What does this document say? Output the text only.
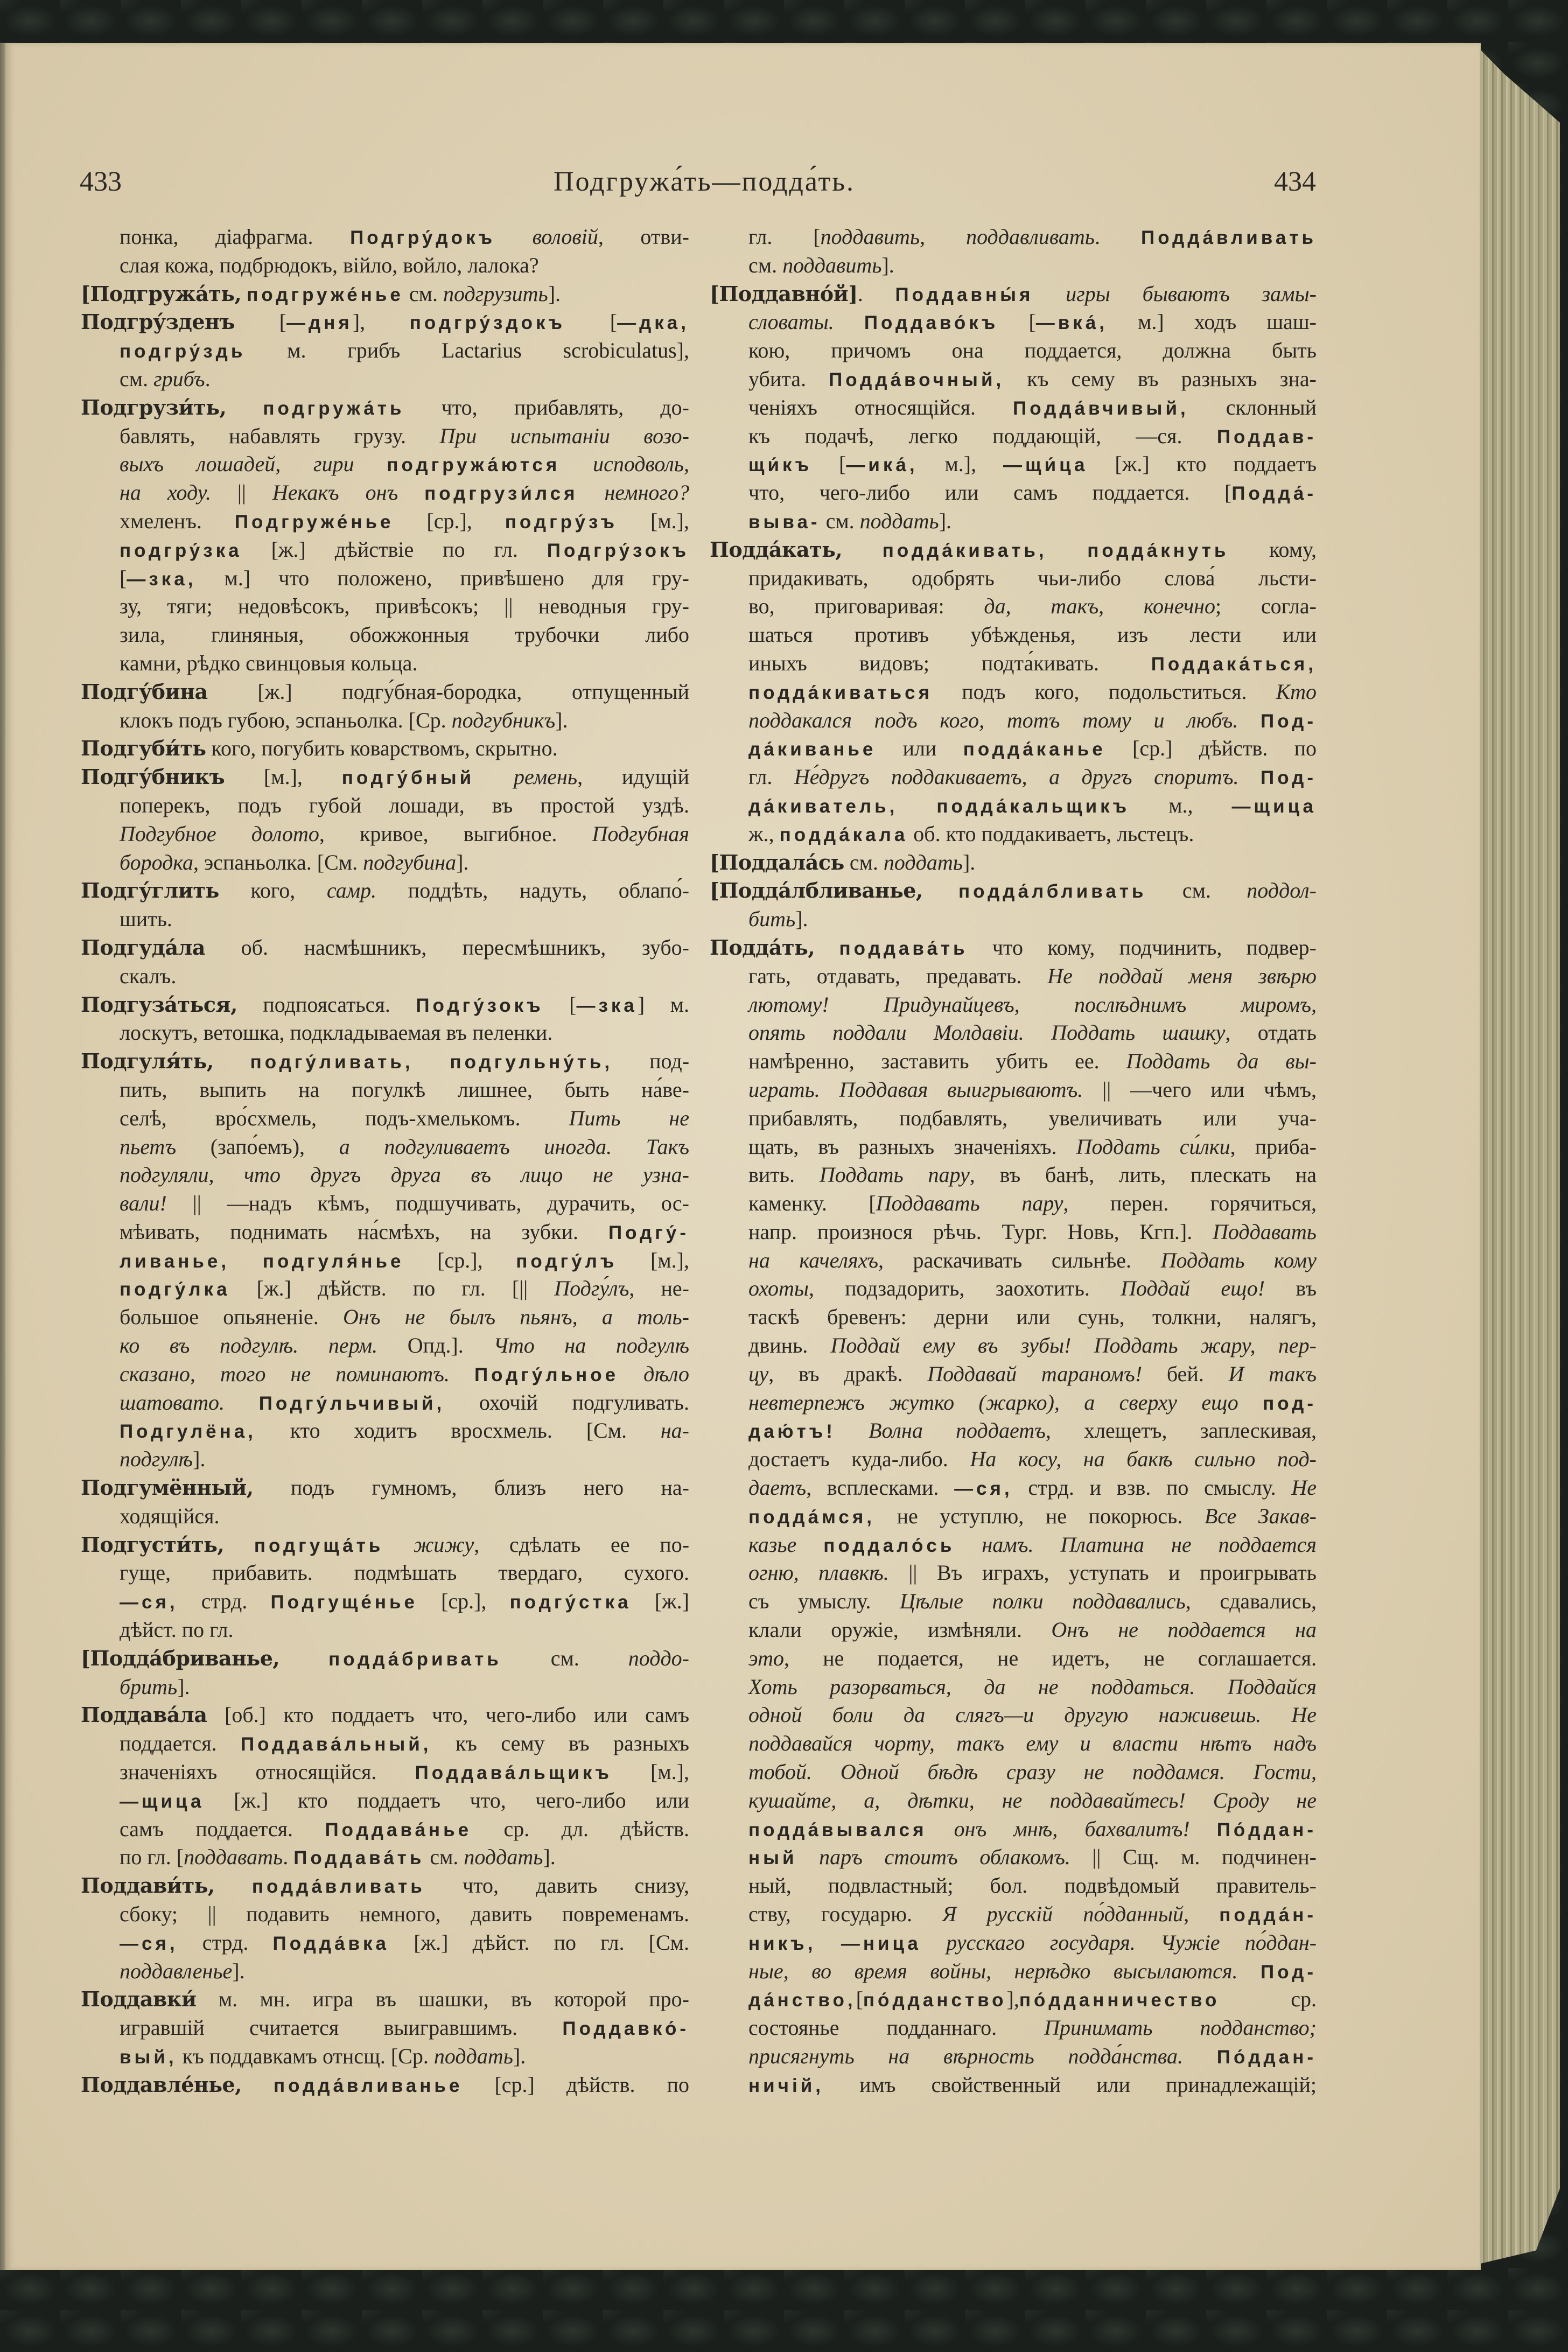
433	Подгружа́ть—подда́ть.	434
понка, діафрагма. Подгру́докъ воловій, отви-
слая кожа, подбрюдокъ, війло, войло, лалока?
[Подгружа́ть, подгруже́нье см. подгрузить].
Подгру́зденъ [—дня], подгру́здокъ [—дка,
подгру́здь м. грибъ Lactarius scrobiculatus],
см. грибъ.
Подгрузи́ть, подгружа́ть что, прибавлять, до-
бавлять, набавлять грузу. При испытаніи возо-
выхъ лошадей, гири подгружа́ются исподволь,
на ходу. || Некакъ онъ подгрузи́лся немного?
хмеленъ. Подгруже́нье [ср.], подгру́зъ [м.],
подгру́зка [ж.] дѣйствіе по гл. Подгру́зокъ
[—зка, м.] что положено, привѣшено для гру-
зу, тяги; недовѣсокъ, привѣсокъ; || неводныя гру-
зила, глиняныя, обожжонныя трубочки либо
камни, рѣдко свинцовыя кольца.
Подгу́бина [ж.] подгу́бная-бородка, отпущенный
клокъ подъ губою, эспаньолка. [Ср. подгубникъ].
Подгуби́ть кого, погубить коварствомъ, скрытно.
Подгу́бникъ [м.], подгу́бный ремень, идущій
поперекъ, подъ губой лошади, въ простой уздѣ.
Подгубное долото, кривое, выгибное. Подгубная
бородка, эспаньолка. [См. подгубина].
Подгу́глить кого, самр. поддѣть, надуть, облапо́-
шить.
Подгуда́ла об. насмѣшникъ, пересмѣшникъ, зубо-
скалъ.
Подгуза́ться, подпоясаться. Подгу́зокъ [—зка] м.
лоскутъ, ветошка, подкладываемая въ пеленки.
Подгуля́ть, подгу́ливать, подгульну́ть, под-
пить, выпить на погулкѣ лишнее, быть на́ве-
селѣ, вро́схмель, подъ-хмелькомъ. Пить не
пьетъ (запо́емъ), а подгуливаетъ иногда. Такъ
подгуляли, что другъ друга въ лицо не узна-
вали! || —надъ кѣмъ, подшучивать, дурачить, ос-
мѣивать, поднимать на́смѣхъ, на зубки. Подгу́-
ливанье, подгуля́нье [ср.], подгу́лъ [м.],
подгу́лка [ж.] дѣйств. по гл. [|| Подгу́лъ, не-
большое опьяненіе. Онъ не былъ пьянъ, а толь-
ко въ подгулѣ. перм. Опд.]. Что на подгулѣ
сказано, того не поминаютъ. Подгу́льное дѣло
шатовато. Подгу́льчивый, охочій подгуливать.
Подгулёна, кто ходитъ вросхмель. [См. на-
подгулѣ].
Подгумённый, подъ гумномъ, близъ него на-
ходящійся.
Подгусти́ть, подгуща́ть жижу, сдѣлать ее по-
гуще, прибавить. подмѣшать твердаго, сухого.
—ся, стрд. Подгуще́нье [ср.], подгу́стка [ж.]
дѣйст. по гл.
[Подда́бриванье,	подда́бривать см. поддо-
брить].
Поддава́ла [об.] кто поддаетъ что, чего-либо или самъ
поддается. Поддава́льный, къ сему въ разныхъ
значеніяхъ относящійся. Поддава́льщикъ [м.],
—щица [ж.] кто поддаетъ что, чего-либо или
самъ поддается. Поддава́нье ср. дл. дѣйств.
по гл. [поддавать. Поддава́ть см. поддать].
Поддави́ть, подда́вливать что, давить снизу,
сбоку; || подавить немного, давить повременамъ.
—ся, стрд. Подда́вка [ж.] дѣйст. по гл. [См.
поддавленье].
Поддавки́ м. мн. игра въ шашки, въ которой про-
игравшій считается выигравшимъ. Поддавко́-
вый, къ поддавкамъ отнсщ. [Ср. поддать].
Поддавле́нье, подда́вливанье [ср.] дѣйств. по
гл. [поддавить, поддавливать. Подда́вливать
см. поддавить].
[Поддавно́й]. Поддавны́я игры бываютъ замы-
словаты. Поддаво́къ [—вка́, м.] ходъ шаш-
кою, причомъ она поддается, должна быть
убита. Подда́вочный, къ сему въ разныхъ зна-
ченіяхъ относящійся. Подда́вчивый, склонный
къ подачѣ, легко поддающій, —ся. Поддав-
щи́къ [—ика́, м.], —щи́ца [ж.] кто поддаетъ
что, чего-либо или самъ поддается. [Подда́-
выва- см. поддать].
Подда́кать, подда́кивать, подда́кнуть кому,
придакивать, одобрять чьи-либо слова́ льсти-
во, приговаривая: да, такъ, конечно; согла-
шаться противъ убѣжденья, изъ лести или
иныхъ видовъ; подта́кивать. Поддака́ться,
подда́киваться подъ кого, подольститься. Кто
поддакался подъ кого, тотъ тому и любъ. Под-
да́киванье или подда́канье [ср.] дѣйств. по
гл. Не́другъ поддакиваетъ, а другъ споритъ. Под-
да́киватель, подда́кальщикъ м., —щица
ж., подда́кала об. кто поддакиваетъ, льстецъ.
[Поддала́сь см. поддать].
[Подда́лбливанье, подда́лбливать см. поддол-
бить].
Подда́ть, поддава́ть что кому, подчинить, подвер-
гать, отдавать, предавать. Не поддай меня звѣрю
лютому! Придунайцевъ, послѣднимъ миромъ,
опять поддали Молдавіи. Поддать шашку, отдать
намѣренно, заставить убить ее. Поддать да вы-
играть. Поддавая выигрываютъ. || —чего или чѣмъ,
прибавлять, подбавлять, увеличивать или уча-
щать, въ разныхъ значеніяхъ. Поддать си́лки, приба-
вить. Поддать пару, въ банѣ, лить, плескать на
каменку. [Поддавать пару, перен. горячиться,
напр. произнося рѣчь. Тург. Новь, Кгп.]. Поддавать
на качеляхъ, раскачивать сильнѣе. Поддать кому
охоты, подзадорить, заохотить. Поддай ещо! въ
таскѣ бревенъ: дерни или сунь, толкни, налягъ,
двинь. Поддай ему въ зубы! Поддать жару, пер-
цу, въ дракѣ. Поддавай тараномъ! бей. И такъ
невтерпежъ жутко (жарко), а сверху ещо под-
даю́тъ! Волна поддаетъ, хлещетъ, заплескивая,
достаетъ куда-либо. На косу, на бакѣ сильно под-
даетъ, всплесками. —ся, стрд. и взв. по смыслу. Не
подда́мся, не уступлю, не покорюсь. Все Закав-
казье поддало́сь намъ. Платина не поддается
огню, плавкѣ. || Въ играхъ, уступать и проигрывать
съ умыслу. Цѣлые полки поддавались, сдавались,
клали оружіе, измѣняли. Онъ не поддается на
это, не подается, не идетъ, не соглашается.
Хоть разорваться, да не поддаться. Поддайся
одной боли да слягъ—и другую наживешь. Не
поддавайся чорту, такъ ему и власти нѣтъ надъ
тобой. Одной бѣдѣ сразу не поддамся. Гости,
кушайте, а, дѣтки, не поддавайтесь! Сроду не
подда́вывался онъ мнѣ, бахвалитъ! По́ддан-
ный паръ стоитъ облакомъ. || Сщ. м. подчинен-
ный, подвластный; бол. подвѣдомый правитель-
ству, государю. Я русскій по́дданный, подда́н-
никъ, —ница русскаго государя. Чужіе по́ддан-
ные, во время войны, нерѣдко высылаются. Под-
да́нство,[по́дданство],по́дданничество ср.
состоянье подданнаго. Принимать подданство;
присягнуть на вѣрность подда́нства. По́ддан-
ничій, имъ свойственный или принадлежащій;
